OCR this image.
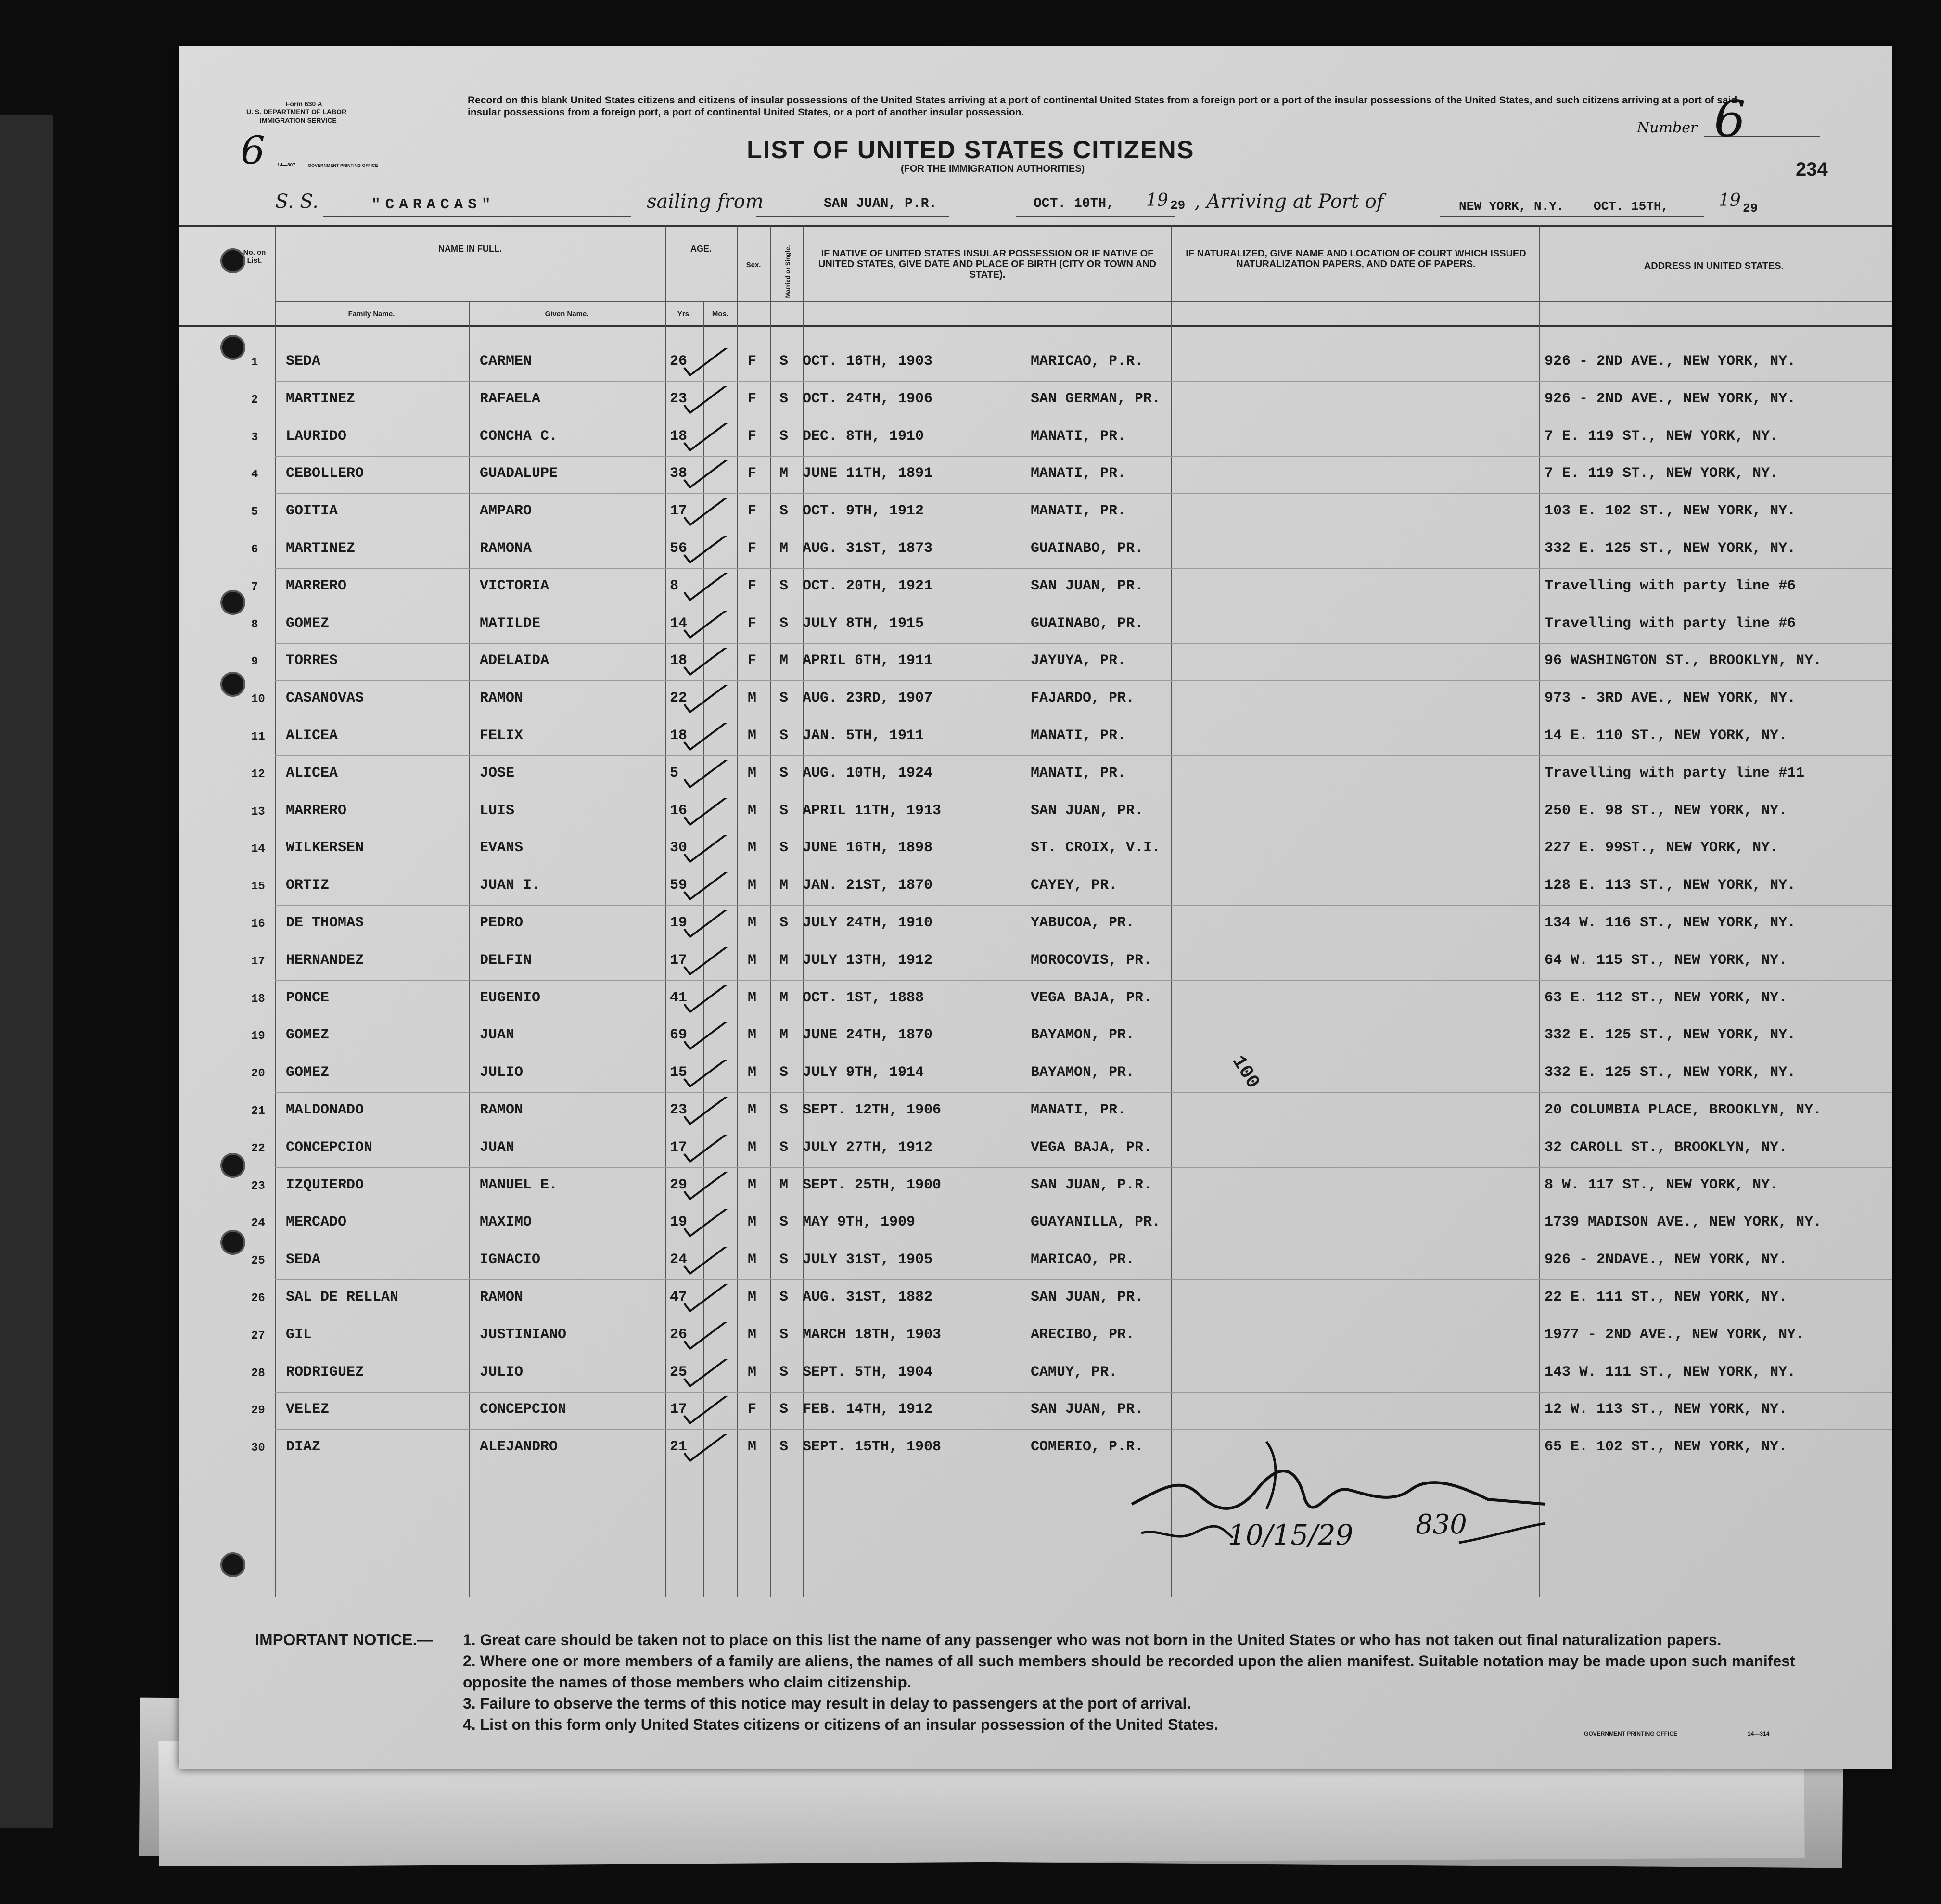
6
Form 630 A
U. S. DEPARTMENT OF LABOR
IMMIGRATION SERVICE
14—807	GOVERNMENT PRINTING OFFICE
Record on this blank United States citizens and citizens of insular possessions of the United States arriving at a port of continental United States from a foreign port or a port of the insular possessions of the United States, and such citizens arriving at a port of said insular possessions from a foreign port, a port of continental United States, or a port of another insular possession.
LIST OF UNITED STATES CITIZENS
(FOR THE IMMIGRATION AUTHORITIES)
Number 6
234
S. S.	"CARACAS"	sailing from	SAN JUAN, P.R.	OCT. 10TH, 19 29 , Arriving at Port of	NEW YORK, N.Y. OCT. 15TH,	19 29
No. on List.
NAME IN FULL.
Family Name.	Given Name.
AGE.
Yrs.	Mos.
Sex.	Married or Single.	IF NATIVE OF UNITED STATES INSULAR POSSESSION OR IF NATIVE OF UNITED STATES, GIVE DATE AND PLACE OF BIRTH (CITY OR TOWN AND STATE).
IF NATURALIZED, GIVE NAME AND LOCATION OF COURT WHICH ISSUED NATURALIZATION PAPERS, AND DATE OF PAPERS.	ADDRESS IN UNITED STATES.
1 SEDA	CARMEN	26	F S OCT. 16TH, 1903	MARICAO, P.R.	926 - 2ND AVE., NEW YORK, NY.
2 MARTINEZ	RAFAELA	23	F S OCT. 24TH, 1906	SAN GERMAN, PR.	926 - 2ND AVE., NEW YORK, NY.
3 LAURIDO	CONCHA C.	18	F S DEC. 8TH, 1910	MANATI, PR.	7 E. 119 ST., NEW YORK, NY.
4 CEBOLLERO	GUADALUPE	38	F M JUNE 11TH, 1891	MANATI, PR.	7 E. 119 ST., NEW YORK, NY.
5 GOITIA	AMPARO	17	F S OCT. 9TH, 1912	MANATI, PR.	103 E. 102 ST., NEW YORK, NY.
6 MARTINEZ	RAMONA	56	F M AUG. 31ST, 1873	GUAINABO, PR.	332 E. 125 ST., NEW YORK, NY.
7 MARRERO	VICTORIA	8	F S OCT. 20TH, 1921	SAN JUAN, PR.	Travelling with party line #6
8 GOMEZ	MATILDE	14	F S JULY 8TH, 1915	GUAINABO, PR.	Travelling with party line #6
9 TORRES	ADELAIDA	18	F M APRIL 6TH, 1911	JAYUYA, PR.	96 WASHINGTON ST., BROOKLYN, NY.
10 CASANOVAS	RAMON	22	M S AUG. 23RD, 1907	FAJARDO, PR.	973 - 3RD AVE., NEW YORK, NY.
11 ALICEA	FELIX	18	M S JAN. 5TH, 1911	MANATI, PR.	14 E. 110 ST., NEW YORK, NY.
12 ALICEA	JOSE	5	M S AUG. 10TH, 1924	MANATI, PR.	Travelling with party line #11
13 MARRERO	LUIS	16	M S APRIL 11TH, 1913	SAN JUAN, PR.	250 E. 98 ST., NEW YORK, NY.
14 WILKERSEN	EVANS	30	M S JUNE 16TH, 1898	ST. CROIX, V.I.	227 E. 99ST., NEW YORK, NY.
15 ORTIZ	JUAN I.	59	M M JAN. 21ST, 1870	CAYEY, PR.	128 E. 113 ST., NEW YORK, NY.
16 DE THOMAS	PEDRO	19	M S JULY 24TH, 1910	YABUCOA, PR.	134 W. 116 ST., NEW YORK, NY.
17 HERNANDEZ	DELFIN	17	M M JULY 13TH, 1912	MOROCOVIS, PR.	64 W. 115 ST., NEW YORK, NY.
18 PONCE	EUGENIO	41	M M OCT. 1ST, 1888	VEGA BAJA, PR.	63 E. 112 ST., NEW YORK, NY.
19 GOMEZ	JUAN	69	M M JUNE 24TH, 1870	BAYAMON, PR.	332 E. 125 ST., NEW YORK, NY.
20 GOMEZ	JULIO	15	M S JULY 9TH, 1914	BAYAMON, PR.	332 E. 125 ST., NEW YORK, NY.
21 MALDONADO	RAMON	23	M S SEPT. 12TH, 1906	MANATI, PR.	20 COLUMBIA PLACE, BROOKLYN, NY.
22 CONCEPCION	JUAN	17	M S JULY 27TH, 1912	VEGA BAJA, PR.	32 CAROLL ST., BROOKLYN, NY.
23 IZQUIERDO	MANUEL E.	29	M M SEPT. 25TH, 1900	SAN JUAN, P.R.	8 W. 117 ST., NEW YORK, NY.
24 MERCADO	MAXIMO	19	M S MAY 9TH, 1909	GUAYANILLA, PR.	1739 MADISON AVE., NEW YORK, NY.
25 SEDA	IGNACIO	24	M S JULY 31ST, 1905	MARICAO, PR.	926 - 2NDAVE., NEW YORK, NY.
26 SAL DE RELLAN	RAMON	47	M S AUG. 31ST, 1882	SAN JUAN, PR.	22 E. 111 ST., NEW YORK, NY.
27 GIL	JUSTINIANO	26	M S MARCH 18TH, 1903	ARECIBO, PR.	1977 - 2ND AVE., NEW YORK, NY.
28 RODRIGUEZ	JULIO	25	M S SEPT. 5TH, 1904	CAMUY, PR.	143 W. 111 ST., NEW YORK, NY.
29 VELEZ	CONCEPCION	17	F S FEB. 14TH, 1912	SAN JUAN, PR.	12 W. 113 ST., NEW YORK, NY.
30 DIAZ	ALEJANDRO	21	M S SEPT. 15TH, 1908	COMERIO, P.R.	65 E. 102 ST., NEW YORK, NY.
100
10/15/29 830
IMPORTANT NOTICE.— 1. Great care should be taken not to place on this list the name of any passenger who was not born in the United States or who has not taken out final naturalization papers.
2. Where one or more members of a family are aliens, the names of all such members should be recorded upon the alien manifest. Suitable notation may be made upon such manifest opposite the names of those members who claim citizenship.
3. Failure to observe the terms of this notice may result in delay to passengers at the port of arrival.
4. List on this form only United States citizens or citizens of an insular possession of the United States.
GOVERNMENT PRINTING OFFICE	14—314
